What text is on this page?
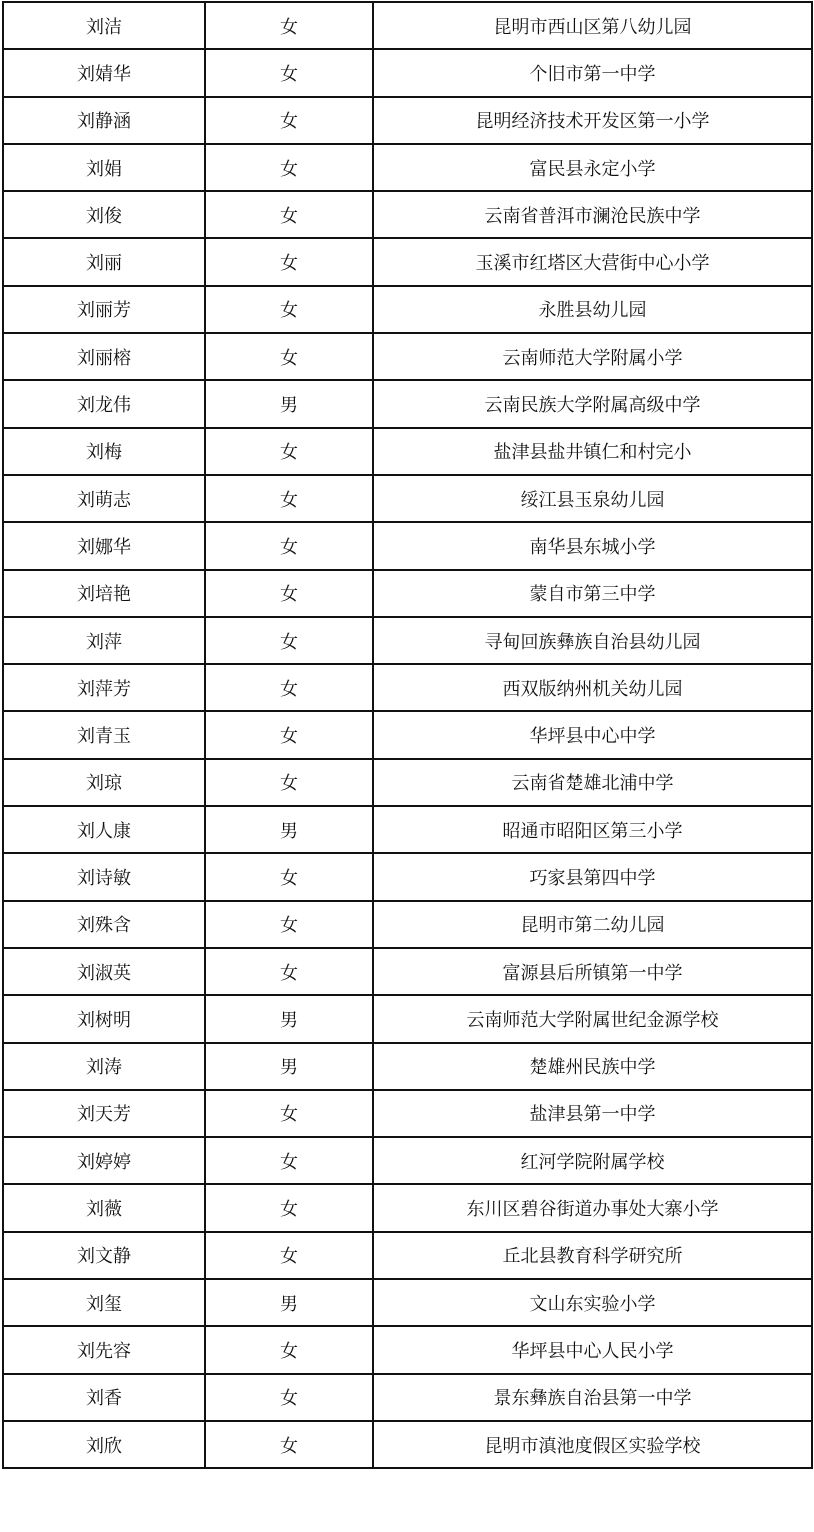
刘洁	女	昆明市西山区第八幼儿园
刘婧华	女	个旧市第一中学
刘静涵	女	昆明经济技术开发区第一小学
刘娟	女	富民县永定小学
刘俊	女	云南省普洱市澜沧民族中学
刘丽	女	玉溪市红塔区大营街中心小学
刘丽芳	女	永胜县幼儿园
刘丽榕	女	云南师范大学附属小学
刘龙伟	男	云南民族大学附属高级中学
刘梅	女	盐津县盐井镇仁和村完小
刘萌志	女	绥江县玉泉幼儿园
刘娜华	女	南华县东城小学
刘培艳	女	蒙自市第三中学
刘萍	女	寻甸回族彝族自治县幼儿园
刘萍芳	女	西双版纳州机关幼儿园
刘青玉	女	华坪县中心中学
刘琼	女	云南省楚雄北浦中学
刘人康	男	昭通市昭阳区第三小学
刘诗敏	女	巧家县第四中学
刘殊含	女	昆明市第二幼儿园
刘淑英	女	富源县后所镇第一中学
刘树明	男	云南师范大学附属世纪金源学校
刘涛	男	楚雄州民族中学
刘天芳	女	盐津县第一中学
刘婷婷	女	红河学院附属学校
刘薇	女	东川区碧谷街道办事处大寨小学
刘文静	女	丘北县教育科学研究所
刘玺	男	文山东实验小学
刘先容	女	华坪县中心人民小学
刘香	女	景东彝族自治县第一中学
刘欣	女	昆明市滇池度假区实验学校
